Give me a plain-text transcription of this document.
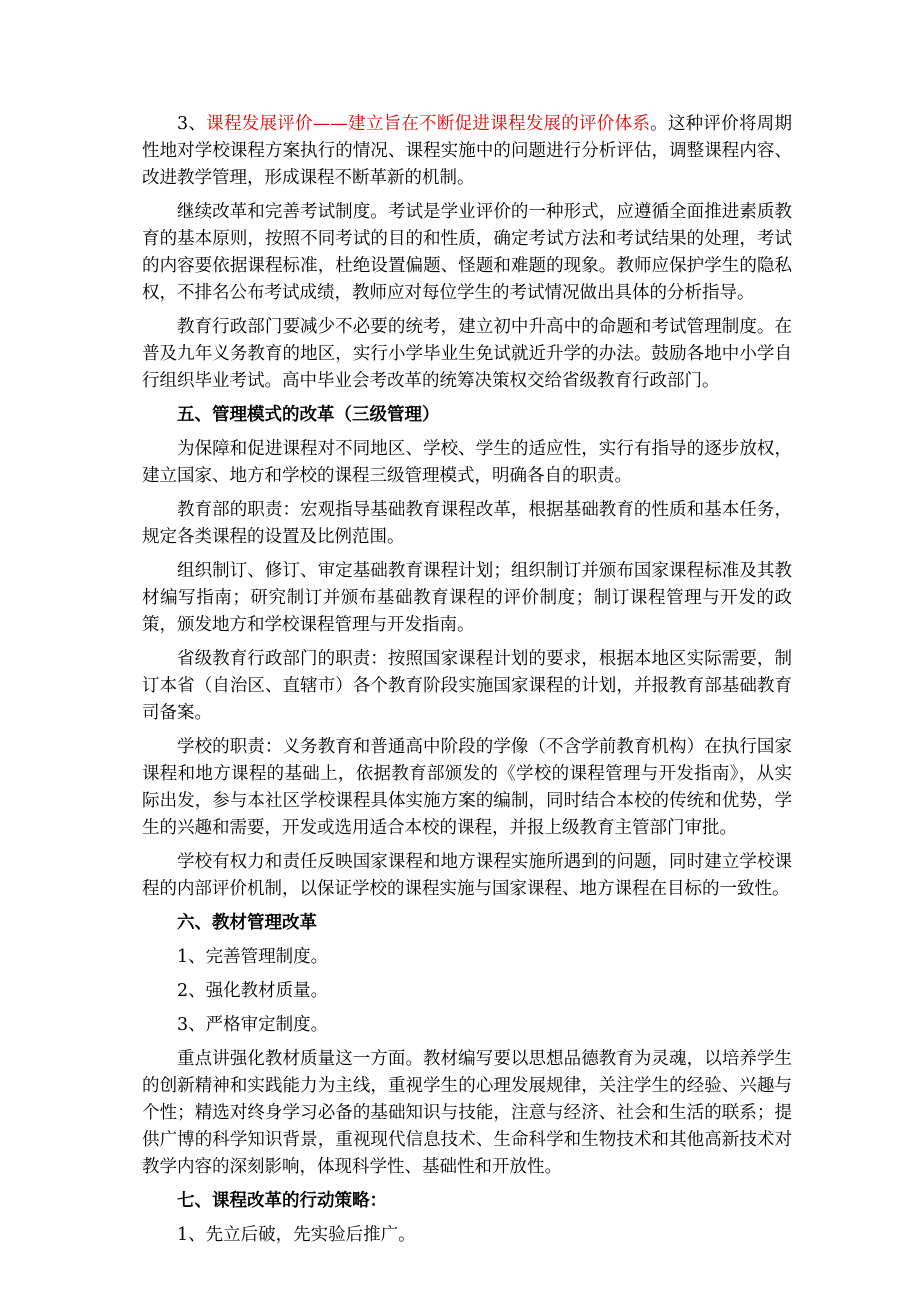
3、课程发展评价——建立旨在不断促进课程发展的评价体系。这种评价将周期性地对学校课程方案执行的情况、课程实施中的问题进行分析评估，调整课程内容、改进教学管理，形成课程不断革新的机制。

继续改革和完善考试制度。考试是学业评价的一种形式，应遵循全面推进素质教育的基本原则，按照不同考试的目的和性质，确定考试方法和考试结果的处理，考试的内容要依据课程标准，杜绝设置偏题、怪题和难题的现象。教师应保护学生的隐私权，不排名公布考试成绩，教师应对每位学生的考试情况做出具体的分析指导。

教育行政部门要减少不必要的统考，建立初中升高中的命题和考试管理制度。在普及九年义务教育的地区，实行小学毕业生免试就近升学的办法。鼓励各地中小学自行组织毕业考试。高中毕业会考改革的统筹决策权交给省级教育行政部门。

五、管理模式的改革（三级管理）

为保障和促进课程对不同地区、学校、学生的适应性，实行有指导的逐步放权，建立国家、地方和学校的课程三级管理模式，明确各自的职责。

教育部的职责：宏观指导基础教育课程改革，根据基础教育的性质和基本任务，规定各类课程的设置及比例范围。

组织制订、修订、审定基础教育课程计划；组织制订并颁布国家课程标准及其教材编写指南；研究制订并颁布基础教育课程的评价制度；制订课程管理与开发的政策，颁发地方和学校课程管理与开发指南。

省级教育行政部门的职责：按照国家课程计划的要求，根据本地区实际需要，制订本省（自治区、直辖市）各个教育阶段实施国家课程的计划，并报教育部基础教育司备案。

学校的职责：义务教育和普通高中阶段的学像（不含学前教育机构）在执行国家课程和地方课程的基础上，依据教育部颁发的《学校的课程管理与开发指南》，从实际出发，参与本社区学校课程具体实施方案的编制，同时结合本校的传统和优势，学生的兴趣和需要，开发或选用适合本校的课程，并报上级教育主管部门审批。

学校有权力和责任反映国家课程和地方课程实施所遇到的问题，同时建立学校课程的内部评价机制，以保证学校的课程实施与国家课程、地方课程在目标的一致性。

六、教材管理改革

1、完善管理制度。

2、强化教材质量。

3、严格审定制度。

重点讲强化教材质量这一方面。教材编写要以思想品德教育为灵魂，以培养学生的创新精神和实践能力为主线，重视学生的心理发展规律，关注学生的经验、兴趣与个性；精选对终身学习必备的基础知识与技能，注意与经济、社会和生活的联系；提供广博的科学知识背景，重视现代信息技术、生命科学和生物技术和其他高新技术对教学内容的深刻影响，体现科学性、基础性和开放性。

七、课程改革的行动策略：

1、先立后破，先实验后推广。
